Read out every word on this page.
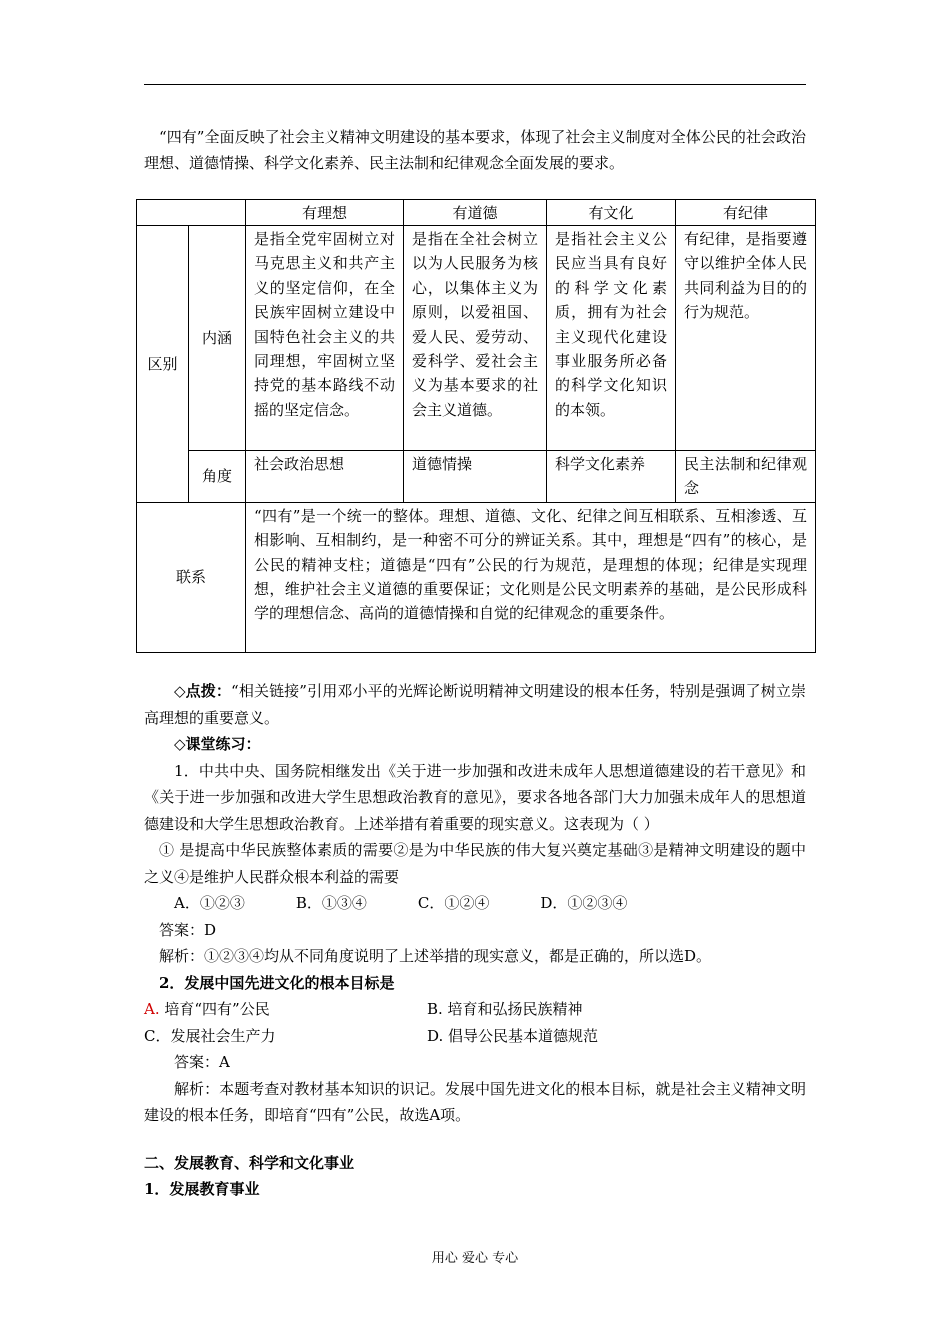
“四有”全面反映了社会主义精神文明建设的基本要求，体现了社会主义制度对全体公民的社会政治理想、道德情操、科学文化素养、民主法制和纪律观念全面发展的要求。
		有理想	有道德	有文化	有纪律
区别	内涵	是指全党牢固树立对马克思主义和共产主义的坚定信仰，在全民族牢固树立建设中国特色社会主义的共同理想，牢固树立坚持党的基本路线不动摇的坚定信念。	是指在全社会树立以为人民服务为核心，以集体主义为原则，以爱祖国、爱人民、爱劳动、爱科学、爱社会主义为基本要求的社会主义道德。	是指社会主义公民应当具有良好的科学文化素质，拥有为社会主义现代化建设事业服务所必备的科学文化知识的本领。	有纪律，是指要遵守以维护全体人民共同利益为目的的行为规范。
	角度	社会政治思想	道德情操	科学文化素养	民主法制和纪律观念
联系		“四有”是一个统一的整体。理想、道德、文化、纪律之间互相联系、互相渗透、互相影响、互相制约，是一种密不可分的辨证关系。其中，理想是“四有”的核心，是公民的精神支柱；道德是“四有”公民的行为规范，是理想的体现；纪律是实现理想，维护社会主义道德的重要保证；文化则是公民文明素养的基础，是公民形成科学的理想信念、高尚的道德情操和自觉的纪律观念的重要条件。			

◇点拨：“相关链接”引用邓小平的光辉论断说明精神文明建设的根本任务，特别是强调了树立崇高理想的重要意义。

◇课堂练习：

1．中共中央、国务院相继发出《关于进一步加强和改进未成年人思想道德建设的若干意见》和《关于进一步加强和改进大学生思想政治教育的意见》，要求各地各部门大力加强未成年人的思想道德建设和大学生思想政治教育。上述举措有着重要的现实意义。这表现为（ ）

① 是提高中华民族整体素质的需要②是为中华民族的伟大复兴奠定基础③是精神文明建设的题中之义④是维护人民群众根本利益的需要

A．①②③	B．①③④	C．①②④	D．①②③④

答案：D

解析：①②③④均从不同角度说明了上述举措的现实意义，都是正确的，所以选D。

2．发展中国先进文化的根本目标是

A. 培育“四有”公民	B. 培育和弘扬民族精神

C．发展社会生产力	D. 倡导公民基本道德规范

答案：A

解析：本题考查对教材基本知识的识记。发展中国先进文化的根本目标，就是社会主义精神文明建设的根本任务，即培育“四有”公民，故选A项。

二、发展教育、科学和文化事业
1．发展教育事业
用心 爱心 专心
